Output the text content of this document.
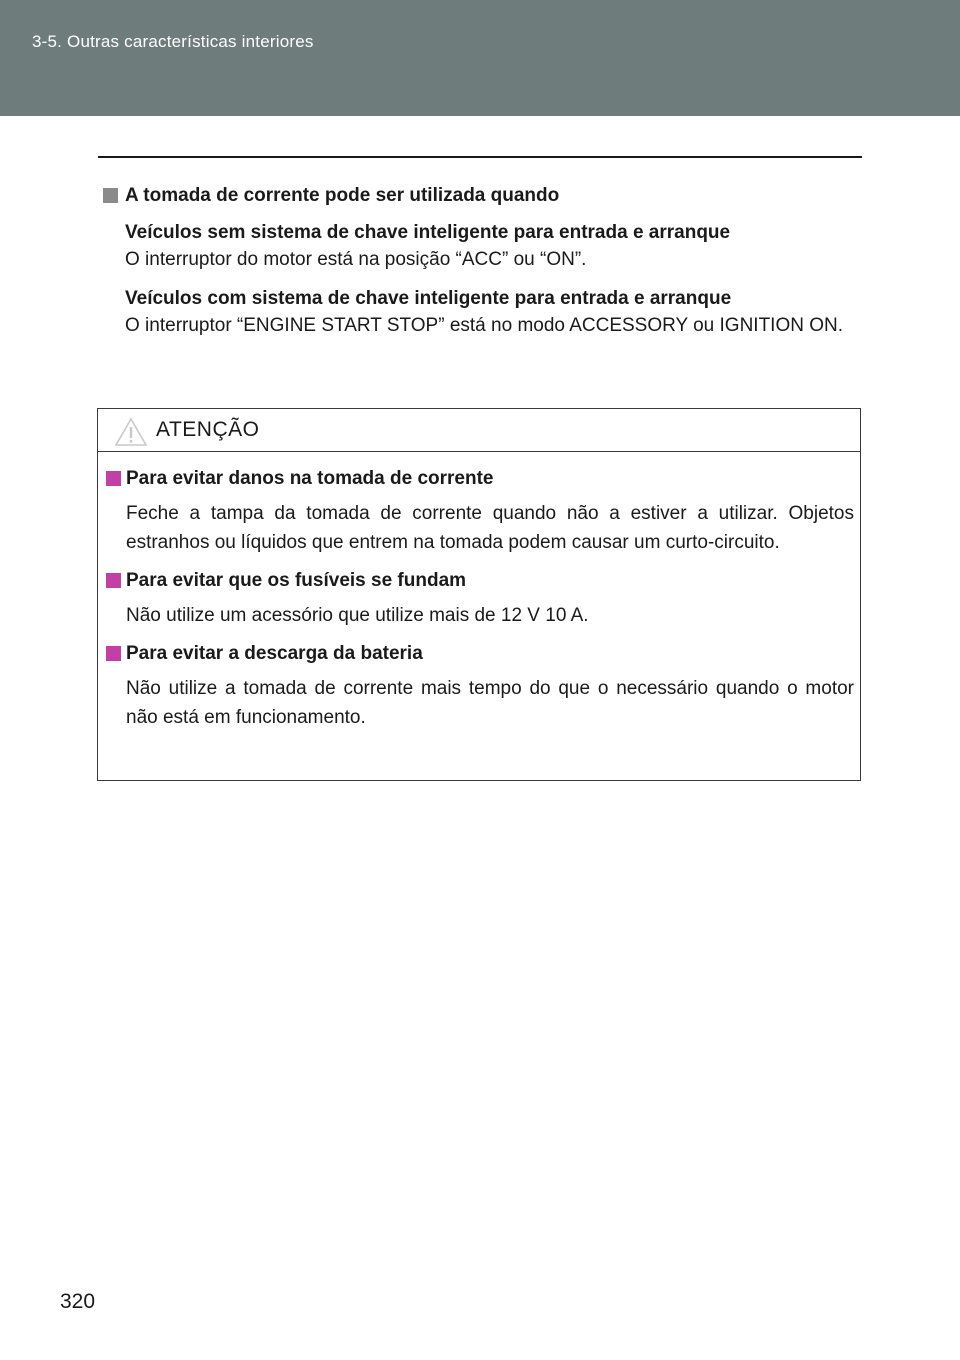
3-5. Outras características interiores
A tomada de corrente pode ser utilizada quando
Veículos sem sistema de chave inteligente para entrada e arranque
O interruptor do motor está na posição “ACC” ou “ON”.
Veículos com sistema de chave inteligente para entrada e arranque
O interruptor “ENGINE START STOP” está no modo ACCESSORY ou IGNITION ON.
ATENÇÃO
Para evitar danos na tomada de corrente
Feche a tampa da tomada de corrente quando não a estiver a utilizar. Objetos estranhos ou líquidos que entrem na tomada podem causar um curto-circuito.
Para evitar que os fusíveis se fundam
Não utilize um acessório que utilize mais de 12 V 10 A.
Para evitar a descarga da bateria
Não utilize a tomada de corrente mais tempo do que o necessário quando o motor não está em funcionamento.
320
